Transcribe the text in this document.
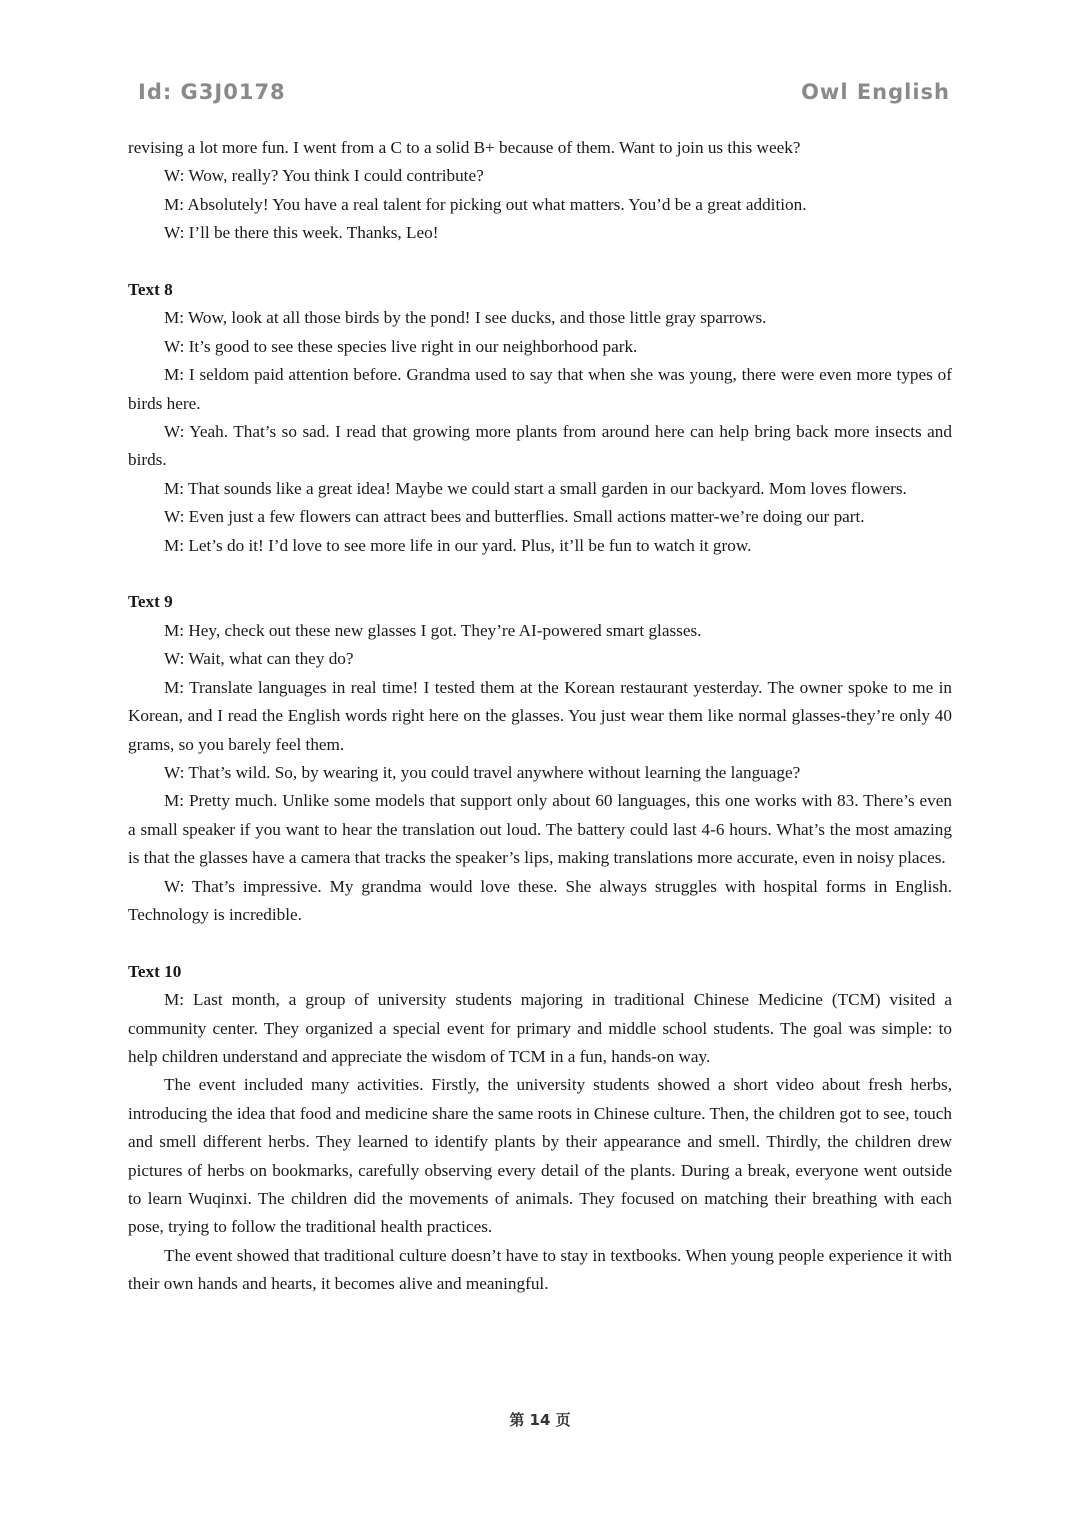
Id: G3J0178	Owl English

revising a lot more fun. I went from a C to a solid B+ because of them. Want to join us this week?

W: Wow, really? You think I could contribute?

M: Absolutely! You have a real talent for picking out what matters. You’d be a great addition.

W: I’ll be there this week. Thanks, Leo!

Text 8

M: Wow, look at all those birds by the pond! I see ducks, and those little gray sparrows.

W: It’s good to see these species live right in our neighborhood park.

M: I seldom paid attention before. Grandma used to say that when she was young, there were even more types of birds here.

W: Yeah. That’s so sad. I read that growing more plants from around here can help bring back more insects and birds.

M: That sounds like a great idea! Maybe we could start a small garden in our backyard. Mom loves flowers.

W: Even just a few flowers can attract bees and butterflies. Small actions matter-we’re doing our part.

M: Let’s do it! I’d love to see more life in our yard. Plus, it’ll be fun to watch it grow.

Text 9

M: Hey, check out these new glasses I got. They’re AI-powered smart glasses.

W: Wait, what can they do?

M: Translate languages in real time! I tested them at the Korean restaurant yesterday. The owner spoke to me in Korean, and I read the English words right here on the glasses. You just wear them like normal glasses-they’re only 40 grams, so you barely feel them.

W: That’s wild. So, by wearing it, you could travel anywhere without learning the language?

M: Pretty much. Unlike some models that support only about 60 languages, this one works with 83. There’s even a small speaker if you want to hear the translation out loud. The battery could last 4-6 hours. What’s the most amazing is that the glasses have a camera that tracks the speaker’s lips, making translations more accurate, even in noisy places.

W: That’s impressive. My grandma would love these. She always struggles with hospital forms in English. Technology is incredible.

Text 10

M: Last month, a group of university students majoring in traditional Chinese Medicine (TCM) visited a community center. They organized a special event for primary and middle school students. The goal was simple: to help children understand and appreciate the wisdom of TCM in a fun, hands-on way.

The event included many activities. Firstly, the university students showed a short video about fresh herbs, introducing the idea that food and medicine share the same roots in Chinese culture. Then, the children got to see, touch and smell different herbs. They learned to identify plants by their appearance and smell. Thirdly, the children drew pictures of herbs on bookmarks, carefully observing every detail of the plants. During a break, everyone went outside to learn Wuqinxi. The children did the movements of animals. They focused on matching their breathing with each pose, trying to follow the traditional health practices.

The event showed that traditional culture doesn’t have to stay in textbooks. When young people experience it with their own hands and hearts, it becomes alive and meaningful.

第 14 页
